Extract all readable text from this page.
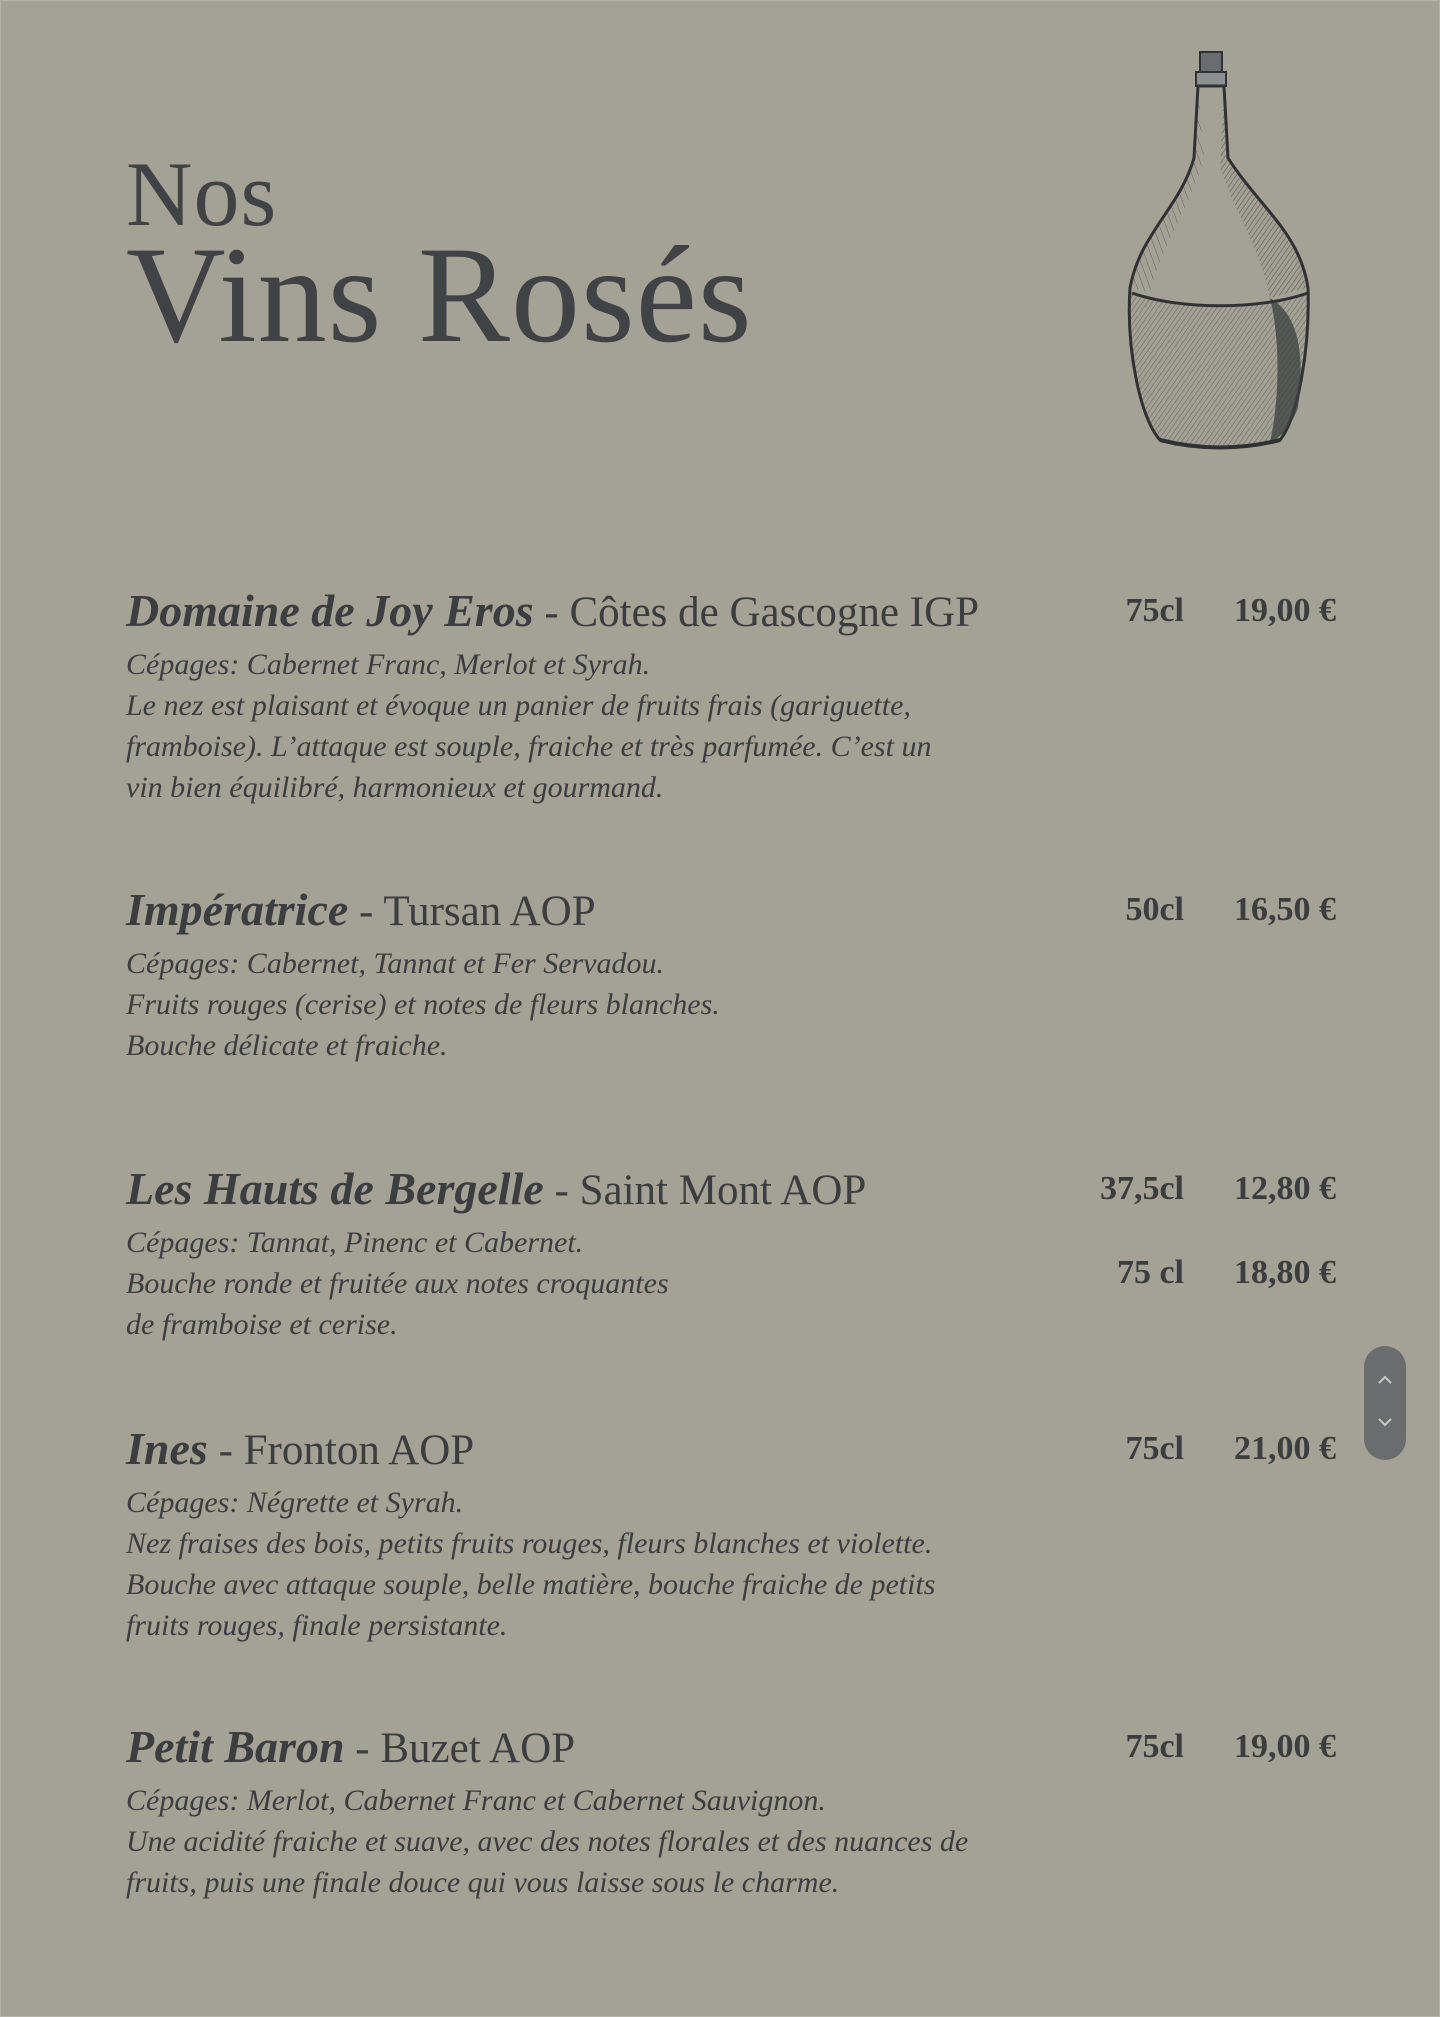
Nos
Vins Rosés
Domaine de Joy Eros - Côtes de Gascogne IGP	75cl 19,00 €
Cépages: Cabernet Franc, Merlot et Syrah.
Le nez est plaisant et évoque un panier de fruits frais (gariguette,
framboise). L’attaque est souple, fraiche et très parfumée. C’est un
vin bien équilibré, harmonieux et gourmand.
Impératrice - Tursan AOP	50cl 16,50 €
Cépages: Cabernet, Tannat et Fer Servadou.
Fruits rouges (cerise) et notes de fleurs blanches.
Bouche délicate et fraiche.
Les Hauts de Bergelle - Saint Mont AOP	37,5cl 12,80 €
75 cl 18,80 €
Cépages: Tannat, Pinenc et Cabernet.
Bouche ronde et fruitée aux notes croquantes
de framboise et cerise.
Ines - Fronton AOP	75cl 21,00 €
Cépages: Négrette et Syrah.
Nez fraises des bois, petits fruits rouges, fleurs blanches et violette.
Bouche avec attaque souple, belle matière, bouche fraiche de petits
fruits rouges, finale persistante.
Petit Baron - Buzet AOP	75cl 19,00 €
Cépages: Merlot, Cabernet Franc et Cabernet Sauvignon.
Une acidité fraiche et suave, avec des notes florales et des nuances de
fruits, puis une finale douce qui vous laisse sous le charme.
